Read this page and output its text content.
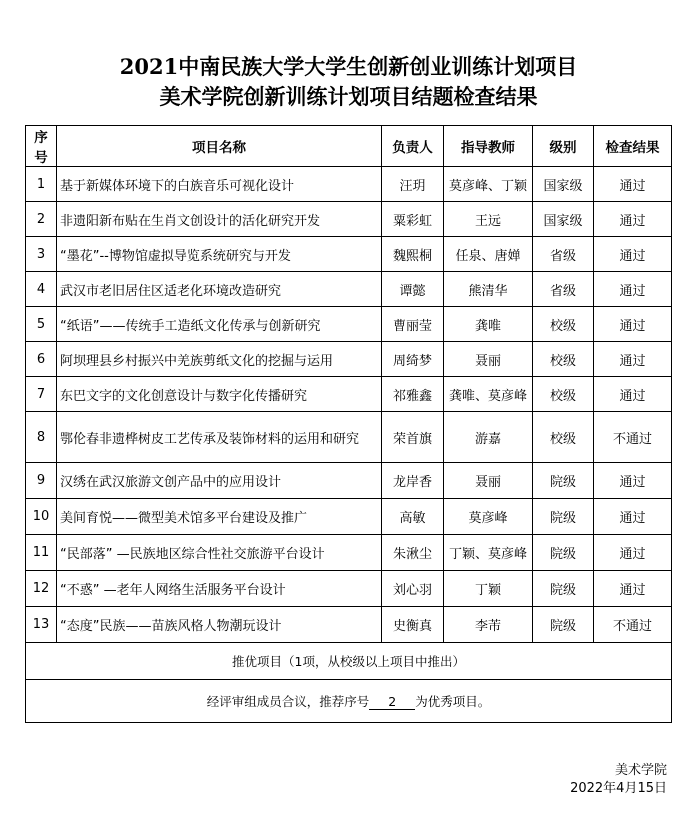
2021中南民族大学大学生创新创业训练计划项目
美术学院创新训练计划项目结题检查结果
序号	项目名称	负责人	指导教师	级别	检查结果
1	基于新媒体环境下的白族音乐可视化设计	汪玥	莫彦峰、丁颖	国家级	通过
2	非遗阳新布贴在生肖文创设计的活化研究开发	粟彩虹	王远	国家级	通过
3	“墨花”--博物馆虚拟导览系统研究与开发	魏熙桐	任泉、唐婵	省级	通过
4	武汉市老旧居住区适老化环境改造研究	谭懿	熊清华	省级	通过
5	“纸语”——传统手工造纸文化传承与创新研究	曹丽莹	龚唯	校级	通过
6	阿坝理县乡村振兴中羌族剪纸文化的挖掘与运用	周绮梦	聂丽	校级	通过
7	东巴文字的文化创意设计与数字化传播研究	祁雅鑫	龚唯、莫彦峰	校级	通过
8	鄂伦春非遗桦树皮工艺传承及装饰材料的运用和研究	荣首旗	游嘉	校级	不通过
9	汉绣在武汉旅游文创产品中的应用设计	龙岸香	聂丽	院级	通过
10	美间育悦——微型美术馆多平台建设及推广	高敏	莫彦峰	院级	通过
11	“民部落” —民族地区综合性社交旅游平台设计	朱湫尘	丁颖、莫彦峰	院级	通过
12	“不惑” —老年人网络生活服务平台设计	刘心羽	丁颖	院级	通过
13	“态度”民族——苗族风格人物潮玩设计	史衡真	李芾	院级	不通过
推优项目（1项，从校级以上项目中推出）					
经评审组成员合议，推荐序号 2 为优秀项目。					
美术学院
2022年4月15日
